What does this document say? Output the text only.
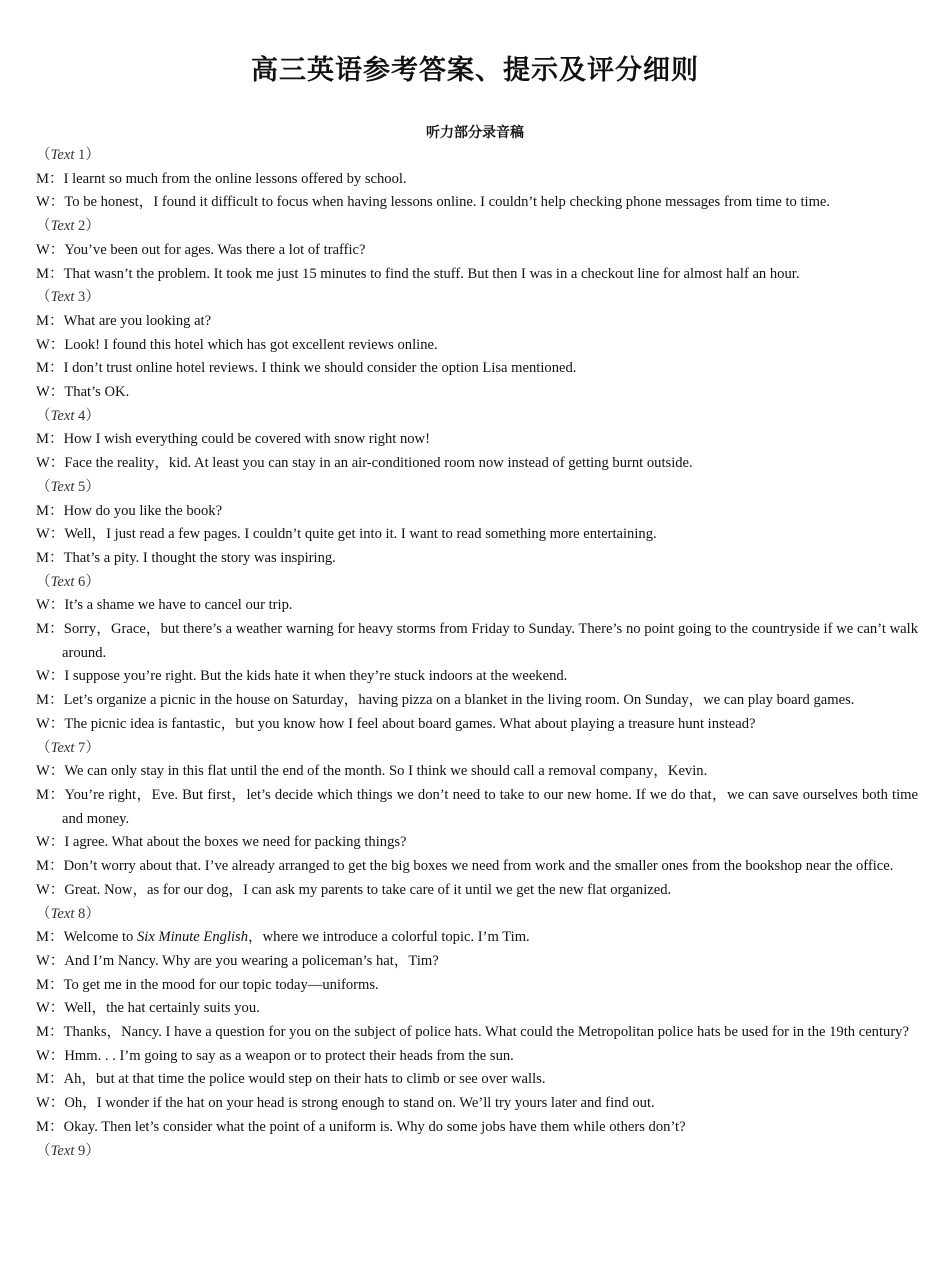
高三英语参考答案、提示及评分细则
听力部分录音稿
（Text 1）
M：I learnt so much from the online lessons offered by school.
W：To be honest，I found it difficult to focus when having lessons online. I couldn’t help checking phone messages from time to time.
（Text 2）
W：You’ve been out for ages. Was there a lot of traffic?
M：That wasn’t the problem. It took me just 15 minutes to find the stuff. But then I was in a checkout line for almost half an hour.
（Text 3）
M：What are you looking at?
W：Look! I found this hotel which has got excellent reviews online.
M：I don’t trust online hotel reviews. I think we should consider the option Lisa mentioned.
W：That’s OK.
（Text 4）
M：How I wish everything could be covered with snow right now!
W：Face the reality，kid. At least you can stay in an air-conditioned room now instead of getting burnt outside.
（Text 5）
M：How do you like the book?
W：Well，I just read a few pages. I couldn’t quite get into it. I want to read something more entertaining.
M：That’s a pity. I thought the story was inspiring.
（Text 6）
W：It’s a shame we have to cancel our trip.
M：Sorry，Grace，but there’s a weather warning for heavy storms from Friday to Sunday. There’s no point going to the countryside if we can’t walk around.
W：I suppose you’re right. But the kids hate it when they’re stuck indoors at the weekend.
M：Let’s organize a picnic in the house on Saturday，having pizza on a blanket in the living room. On Sunday，we can play board games.
W：The picnic idea is fantastic，but you know how I feel about board games. What about playing a treasure hunt instead?
（Text 7）
W：We can only stay in this flat until the end of the month. So I think we should call a removal company，Kevin.
M：You’re right，Eve. But first，let’s decide which things we don’t need to take to our new home. If we do that，we can save ourselves both time and money.
W：I agree. What about the boxes we need for packing things?
M：Don’t worry about that. I’ve already arranged to get the big boxes we need from work and the smaller ones from the bookshop near the office.
W：Great. Now，as for our dog，I can ask my parents to take care of it until we get the new flat organized.
（Text 8）
M：Welcome to Six Minute English，where we introduce a colorful topic. I’m Tim.
W：And I’m Nancy. Why are you wearing a policeman’s hat，Tim?
M：To get me in the mood for our topic today—uniforms.
W：Well，the hat certainly suits you.
M：Thanks，Nancy. I have a question for you on the subject of police hats. What could the Metropolitan police hats be used for in the 19th century?
W：Hmm. . . I’m going to say as a weapon or to protect their heads from the sun.
M：Ah，but at that time the police would step on their hats to climb or see over walls.
W：Oh，I wonder if the hat on your head is strong enough to stand on. We’ll try yours later and find out.
M：Okay. Then let’s consider what the point of a uniform is. Why do some jobs have them while others don’t?
（Text 9）
